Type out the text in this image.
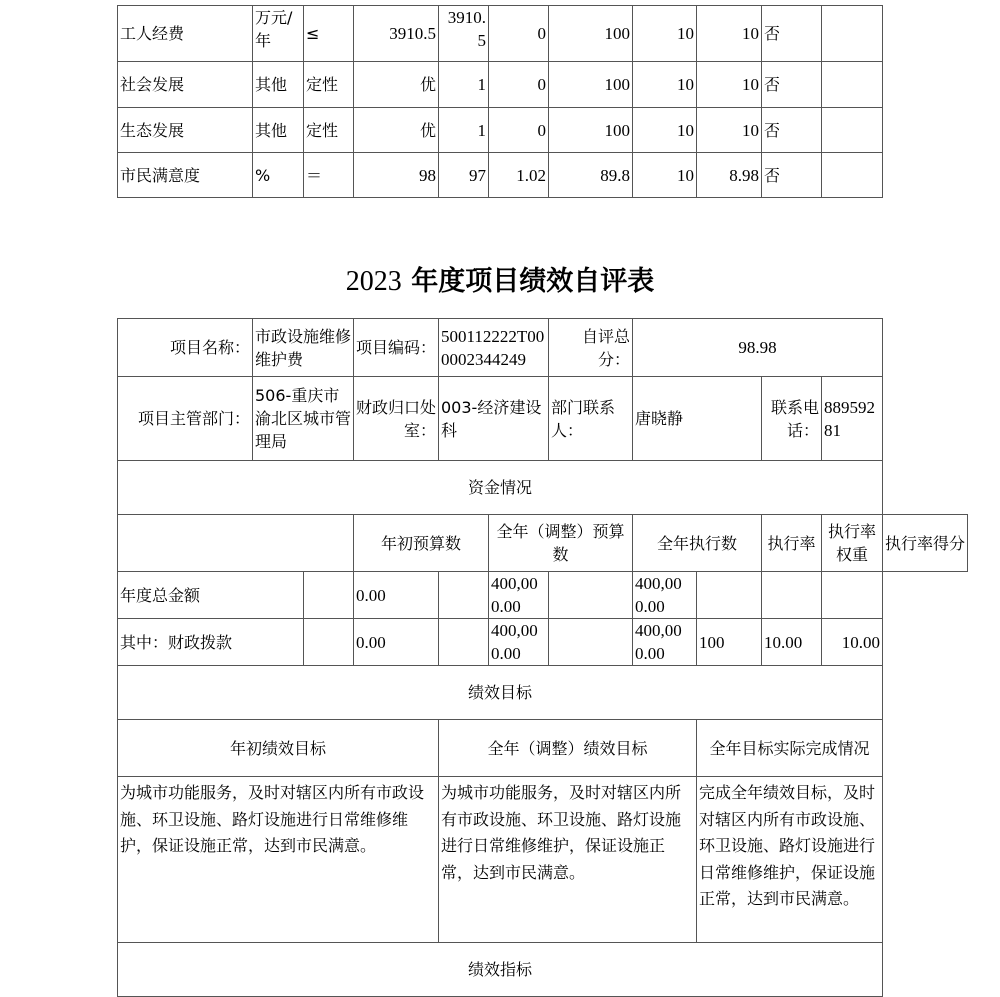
工人经费	万元/年	≤	3910.5	3910.5	0	100	10	10	否	
社会发展	其他	定性	优	1	0	100	10	10	否	
生态发展	其他	定性	优	1	0	100	10	10	否	
市民满意度	%	＝	98	97	1.02	89.8	10	8.98	否	
2023 年度项目绩效自评表
项目名称：	市政设施维修维护费		项目编码：	500112222T000002344249		自评总分：	98.98				
项目主管部门：	506-重庆市渝北区城市管理局		财政归口处室：	003-经济建设科		部门联系人：	唐晓静		联系电话：	88959281	
资金情况											
			年初预算数		全年（调整）预算数		全年执行数		执行率	执行率权重	执行率得分
年度总金额			0.00		400,000.00		400,000.00				
其中：财政拨款			0.00		400,000.00		400,000.00	100	10.00	10.00	
绩效目标											
年初绩效目标				全年（调整）绩效目标				全年目标实际完成情况			
为城市功能服务，及时对辖区内所有市政设施、环卫设施、路灯设施进行日常维修维护，保证设施正常，达到市民满意。				为城市功能服务，及时对辖区内所有市政设施、环卫设施、路灯设施进行日常维修维护，保证设施正常，达到市民满意。				完成全年绩效目标，及时对辖区内所有市政设施、环卫设施、路灯设施进行日常维修维护，保证设施正常，达到市民满意。			
绩效指标											
